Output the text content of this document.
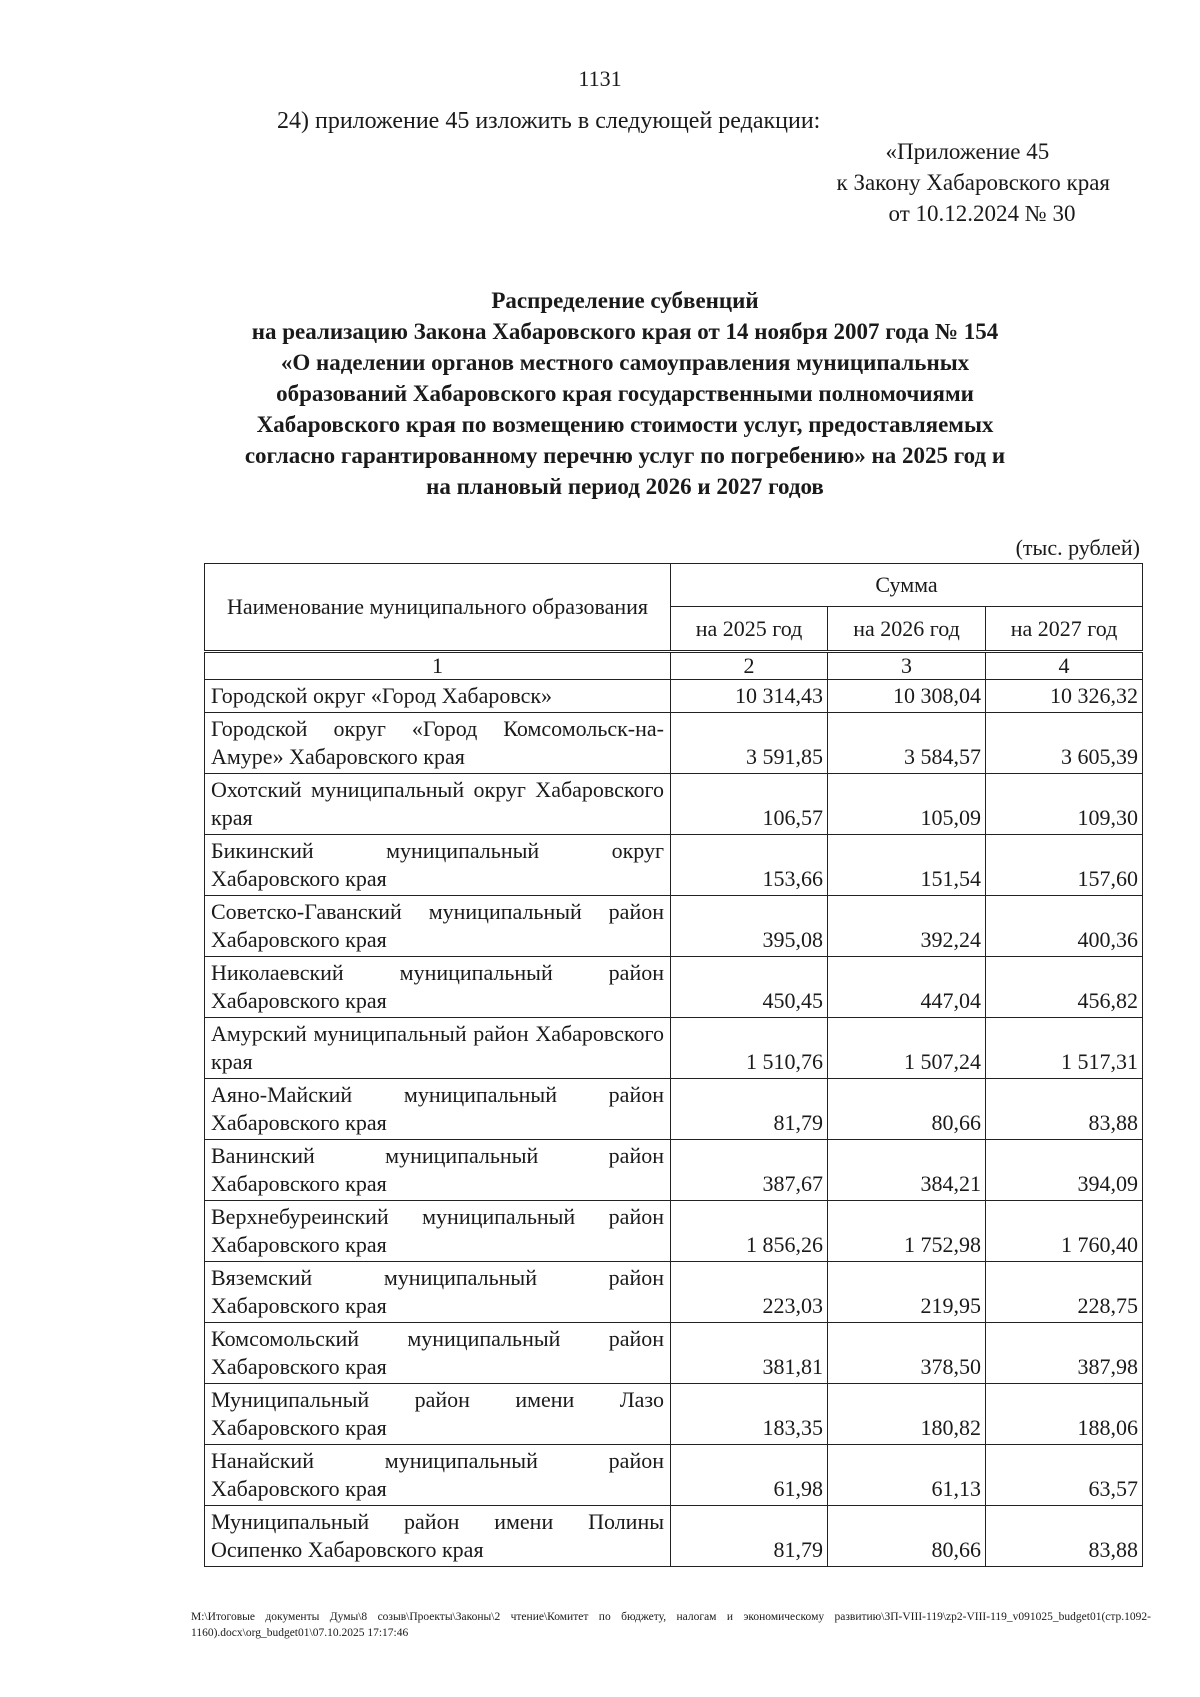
1131
24) приложение 45 изложить в следующей редакции:
«Приложение 45
к Закону Хабаровского края
от 10.12.2024 № 30
Распределение субвенций
на реализацию Закона Хабаровского края от 14 ноября 2007 года № 154
«О наделении органов местного самоуправления муниципальных
образований Хабаровского края государственными полномочиями
Хабаровского края по возмещению стоимости услуг, предоставляемых
согласно гарантированному перечню услуг по погребению» на 2025 год и
на плановый период 2026 и 2027 годов
(тыс. рублей)
Наименование муниципального образования	Сумма		
	на 2025 год	на 2026 год	на 2027 год
1	2	3	4
Городской округ «Город Хабаровск»	10 314,43	10 308,04	10 326,32
Городской округ «Город Комсомольск-на-Амуре» Хабаровского края	3 591,85	3 584,57	3 605,39
Охотский муниципальный округ Хабаровского края	106,57	105,09	109,30
Бикинский муниципальный округ Хабаровского края	153,66	151,54	157,60
Советско-Гаванский муниципальный район Хабаровского края	395,08	392,24	400,36
Николаевский муниципальный район Хабаровского края	450,45	447,04	456,82
Амурский муниципальный район Хабаровского края	1 510,76	1 507,24	1 517,31
Аяно-Майский муниципальный район Хабаровского края	81,79	80,66	83,88
Ванинский муниципальный район Хабаровского края	387,67	384,21	394,09
Верхнебуреинский муниципальный район Хабаровского края	1 856,26	1 752,98	1 760,40
Вяземский муниципальный район Хабаровского края	223,03	219,95	228,75
Комсомольский муниципальный район Хабаровского края	381,81	378,50	387,98
Муниципальный район имени Лазо Хабаровского края	183,35	180,82	188,06
Нанайский муниципальный район Хабаровского края	61,98	61,13	63,57
Муниципальный район имени Полины Осипенко Хабаровского края	81,79	80,66	83,88
М:\Итоговые документы Думы\8 созыв\Проекты\Законы\2 чтение\Комитет по бюджету, налогам и экономическому развитию\ЗП-VIII-119\zp2-VIII-119_v091025_budget01(стр.1092-1160).docx\org_budget01\07.10.2025 17:17:46
